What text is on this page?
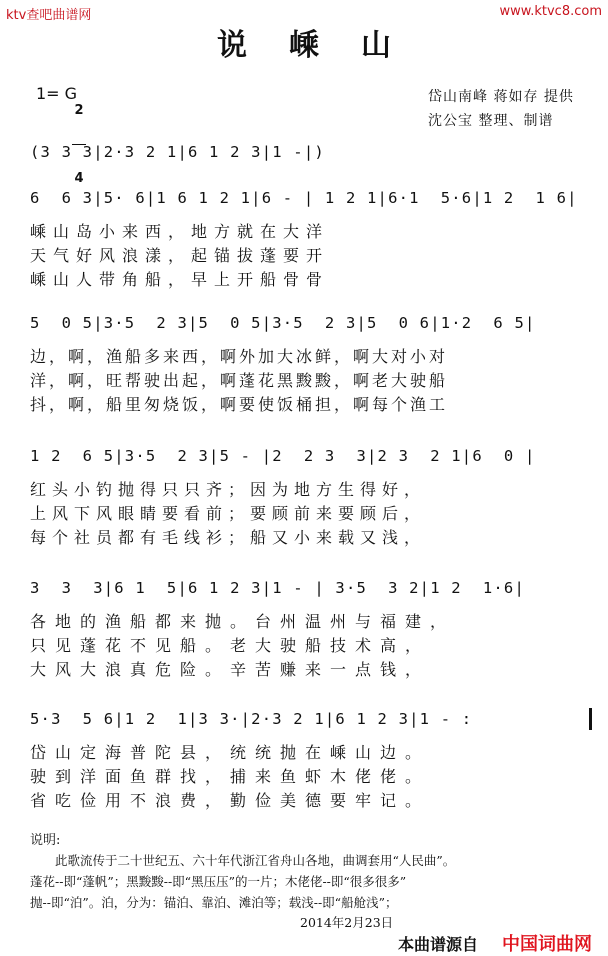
ktv查吧曲谱网	www.ktvc8.com
说嵊山
1= G

2

4

岱山南峰 蒋如存 提供
沈公宝 整理、制谱
(3 3 3|2·3 2 1|6 1 2 3|1 -|)
6  6 3|5· 6|1 6 1 2 1|6 - | 1 2 1|6·1  5·6|1 2  1 6|
嵊山岛小来西，地方就在大洋
天气好风浪漾，起锚拔蓬要开
嵊山人带角船，早上开船骨骨
5  0 5|3·5  2 3|5  0 5|3·5  2 3|5  0 6|1·2  6 5|
边，啊，渔船多来西，啊外加大冰鲜，啊大对小对
洋，啊，旺帮驶出起，啊蓬花黑黢黢，啊老大驶船
抖，啊，船里匆烧饭，啊要使饭桶担，啊每个渔工
1 2  6 5|3·5  2 3|5 - |2  2 3  3|2 3  2 1|6  0 |
红头小钓抛得只只齐；因为地方生得好，
上风下风眼睛要看前；要顾前来要顾后，
每个社员都有毛线衫；船又小来载又浅，
3  3  3|6 1  5|6 1 2 3|1 - | 3·5  3 2|1 2  1·6|
各地的渔船都来抛。台州温州与福建，
只见蓬花不见船。老大驶船技术高，
大风大浪真危险。辛苦赚来一点钱，
5·3  5 6|1 2  1|3 3·|2·3 2 1|6 1 2 3|1 - :
岱山定海普陀县，统统抛在嵊山边。
驶到洋面鱼群找，捕来鱼虾木佬佬。
省吃俭用不浪费，勤俭美德要牢记。
说明:
　　此歌流传于二十世纪五、六十年代浙江省舟山各地，曲调套用“人民曲”。
蓬花--即“蓬帆”；黑黢黢--即“黑压压”的一片；木佬佬--即“很多很多”
抛--即“泊”。泊，分为：锚泊、靠泊、滩泊等；载浅--即“船舱浅”；
2014年2月23日
本曲谱源自 中国词曲网
